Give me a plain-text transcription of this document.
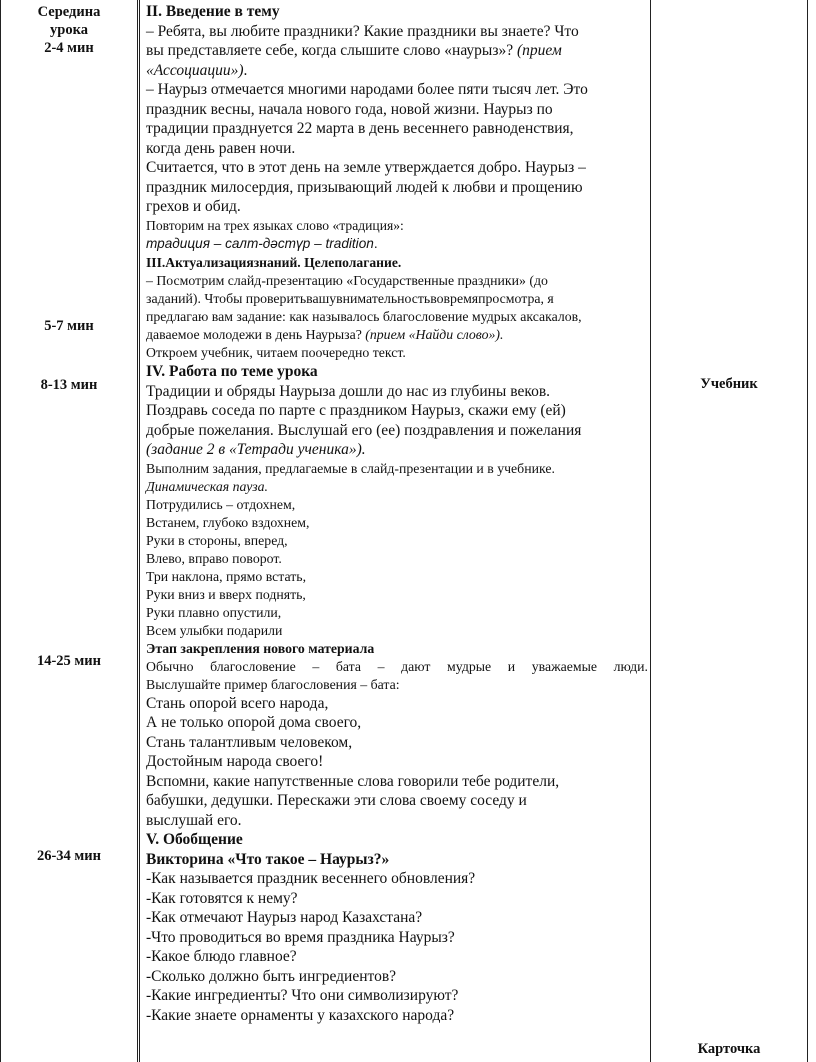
Середина
урока
2-4 мин
5-7 мин
8-13 мин
14-25 мин
26-34 мин
Учебник
Карточка
II. Введение в тему
– Ребята, вы любите праздники? Какие праздники вы знаете? Что
вы представляете себе, когда слышите слово «наурыз»? (прием
«Ассоциации»).
– Наурыз отмечается многими народами более пяти тысяч лет. Это
праздник весны, начала нового года, новой жизни. Наурыз по
традиции празднуется 22 марта в день весеннего равноденствия,
когда день равен ночи.
Считается, что в этот день на земле утверждается добро. Наурыз –
праздник милосердия, призывающий людей к любви и прощению
грехов и обид.
Повторим на трех языках слово «традиция»:
традиция – салт-дәстүр – tradition.
III.Актуализациязнаний. Целеполагание.
– Посмотрим слайд-презентацию «Государственные праздники» (до
заданий). Чтобы проверитьвашувнимательностьвовремяпросмотра, я
предлагаю вам задание: как называлось благословение мудрых аксакалов,
даваемое молодежи в день Наурыза? (прием «Найди слово»).
Откроем учебник, читаем поочередно текст.
IV. Работа по теме урока
Традиции и обряды Наурыза дошли до нас из глубины веков.
Поздравь соседа по парте с праздником Наурыз, скажи ему (ей)
добрые пожелания. Выслушай его (ее) поздравления и пожелания
(задание 2 в «Тетради ученика»).
Выполним задания, предлагаемые в слайд-презентации и в учебнике.
Динамическая пауза.
Потрудились – отдохнем,
Встанем, глубоко вздохнем,
Руки в стороны, вперед,
Влево, вправо поворот.
Три наклона, прямо встать,
Руки вниз и вверх поднять,
Руки плавно опустили,
Всем улыбки подарили
Этап закрепления нового материала
Обычно благословение – бата – дают мудрые и уважаемые люди.
Выслушайте пример благословения – бата:
Стань опорой всего народа,
А не только опорой дома своего,
Стань талантливым человеком,
Достойным народа своего!
Вспомни, какие напутственные слова говорили тебе родители,
бабушки, дедушки. Перескажи эти слова своему соседу и
выслушай его.
V. Обобщение
Викторина «Что такое – Наурыз?»
-Как называется праздник весеннего обновления?
-Как готовятся к нему?
-Как отмечают Наурыз народ Казахстана?
-Что проводиться во время праздника Наурыз?
-Какое блюдо главное?
-Сколько должно быть ингредиентов?
-Какие ингредиенты? Что они символизируют?
-Какие знаете орнаменты у казахского народа?
